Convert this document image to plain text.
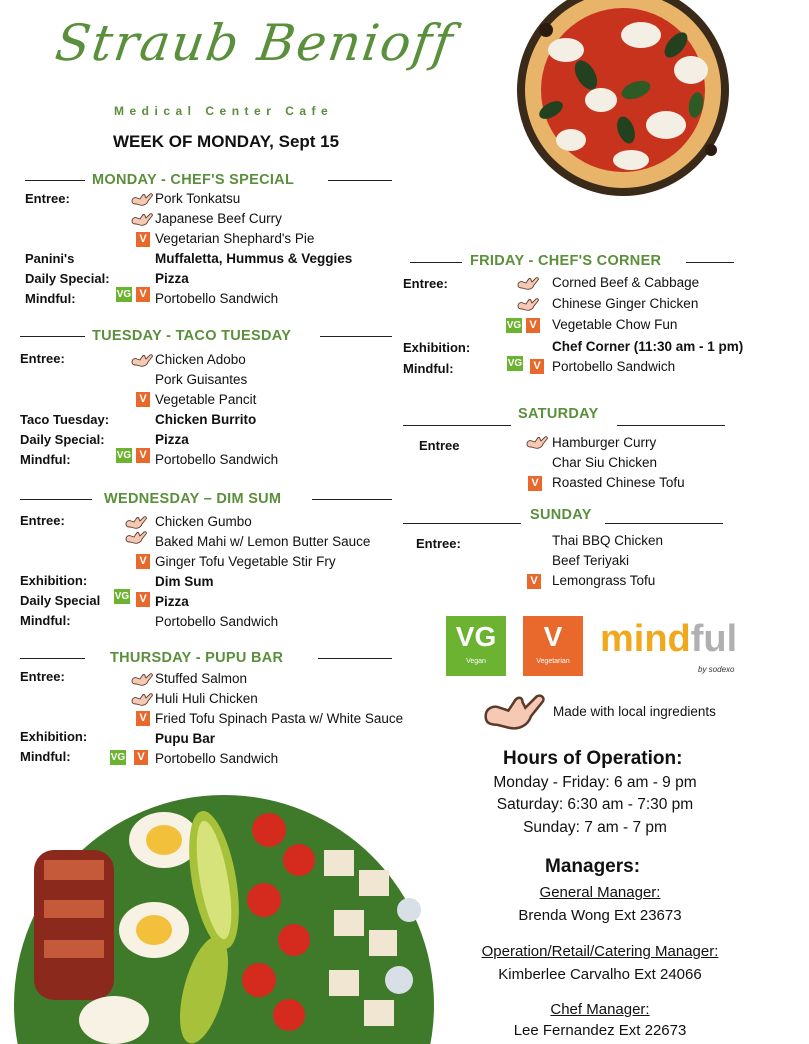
Straub Benioff
Medical Center Cafe
WEEK OF MONDAY, Sept 15
MONDAY - CHEF'S SPECIAL
Entree:	Pork Tonkatsu
Japanese Beef Curry
V Vegetarian Shephard's Pie
Panini's	Muffaletta, Hummus & Veggies
Daily Special:	Pizza
Mindful:	VG V Portobello Sandwich
TUESDAY - TACO TUESDAY
Entree:	Chicken Adobo
Pork Guisantes
V Vegetable Pancit
Taco Tuesday:	Chicken Burrito
Daily Special:	Pizza
Mindful:	VG V Portobello Sandwich
WEDNESDAY – DIM SUM
Entree:	Chicken Gumbo
Baked Mahi w/ Lemon Butter Sauce
V Ginger Tofu Vegetable Stir Fry
Exhibition:	Dim Sum
Daily Special VG V Pizza
Mindful:	Portobello Sandwich
THURSDAY - PUPU BAR
Entree:	Stuffed Salmon
Huli Huli Chicken
V Fried Tofu Spinach Pasta w/ White Sauce
Exhibition:	Pupu Bar
Mindful:	VG	V Portobello Sandwich
FRIDAY - CHEF'S CORNER
Entree:	Corned Beef & Cabbage
Chinese Ginger Chicken
VG V Vegetable Chow Fun
Exhibition:	Chef Corner (11:30 am - 1 pm)
Mindful:	VG	V Portobello Sandwich
SATURDAY
Entree	Hamburger Curry
Char Siu Chicken
V Roasted Chinese Tofu
SUNDAY
Entree:	Thai BBQ Chicken
Beef Teriyaki
V Lemongrass Tofu
VG
Vegan
V
Vegetarian
mindful
by sodexo
Made with local ingredients
Hours of Operation:
Monday - Friday: 6 am - 9 pm
Saturday: 6:30 am - 7:30 pm
Sunday: 7 am - 7 pm
Managers:
General Manager:
Brenda Wong Ext 23673
Operation/Retail/Catering Manager:
Kimberlee Carvalho Ext 24066
Chef Manager:
Lee Fernandez Ext 22673
